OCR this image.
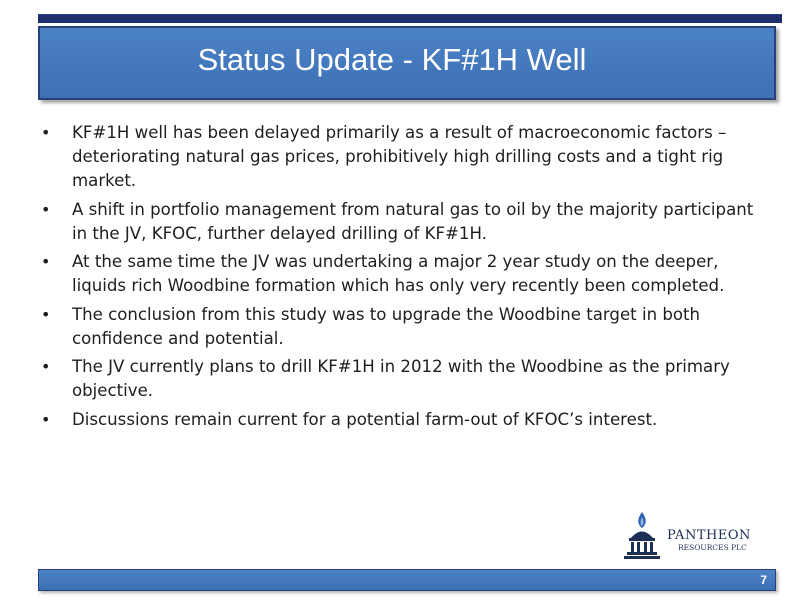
Status Update - KF#1H Well
• KF#1H well has been delayed primarily as a result of macroeconomic factors – deteriorating natural gas prices, prohibitively high drilling costs and a tight rig market.
• A shift in portfolio management from natural gas to oil by the majority participant in the JV, KFOC, further delayed drilling of KF#1H.
• At the same time the JV was undertaking a major 2 year study on the deeper, liquids rich Woodbine formation which has only very recently been completed.
• The conclusion from this study was to upgrade the Woodbine target in both confidence and potential.
• The JV currently plans to drill KF#1H in 2012 with the Woodbine as the primary objective.
• Discussions remain current for a potential farm-out of KFOC’s interest.
PANTHEON
RESOURCES PLC
7
